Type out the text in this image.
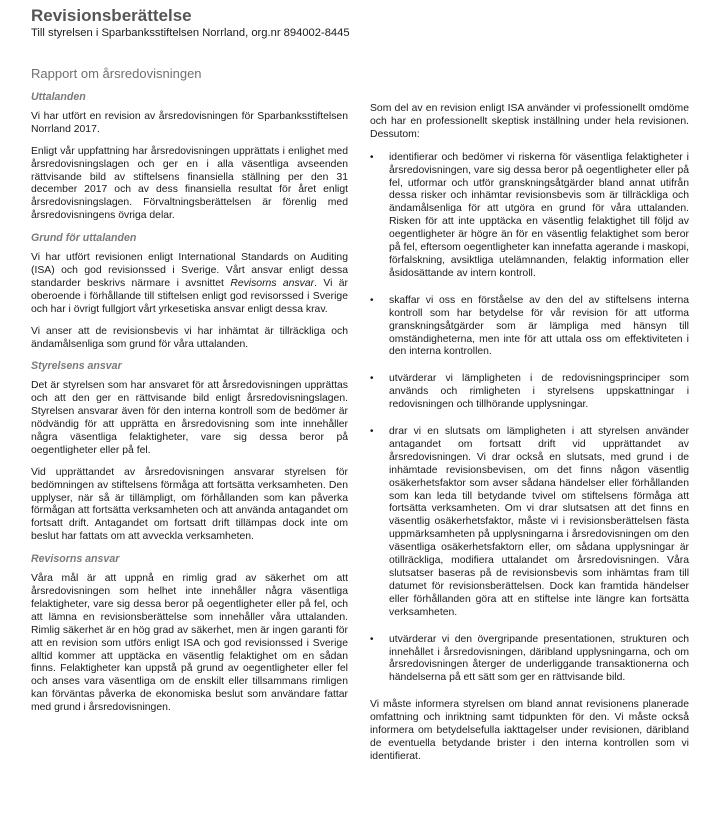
Revisionsberättelse
Till styrelsen i Sparbanksstiftelsen Norrland, org.nr 894002-8445
Rapport om årsredovisningen
Uttalanden

Vi har utfört en revision av årsredovisningen för Sparbanksstiftelsen Norrland 2017.

Enligt vår uppfattning har årsredovisningen upprättats i enlighet med årsredovisningslagen och ger en i alla väsentliga avseenden rättvisande bild av stiftelsens finansiella ställning per den 31 december 2017 och av dess finansiella resultat för året enligt årsredovisningslagen. Förvaltningsberättelsen är förenlig med årsredovisningens övriga delar.

Grund för uttalanden

Vi har utfört revisionen enligt International Standards on Auditing (ISA) och god revisionssed i Sverige. Vårt ansvar enligt dessa standarder beskrivs närmare i avsnittet Revisorns ansvar. Vi är oberoende i förhållande till stiftelsen enligt god revisorssed i Sverige och har i övrigt fullgjort vårt yrkesetiska ansvar enligt dessa krav.

Vi anser att de revisionsbevis vi har inhämtat är tillräckliga och ändamålsenliga som grund för våra uttalanden.

Styrelsens ansvar

Det är styrelsen som har ansvaret för att årsredovisningen upprättas och att den ger en rättvisande bild enligt årsredovisningslagen. Styrelsen ansvarar även för den interna kontroll som de bedömer är nödvändig för att upprätta en årsredovisning som inte innehåller några väsentliga felaktigheter, vare sig dessa beror på oegentligheter eller på fel.

Vid upprättandet av årsredovisningen ansvarar styrelsen för bedömningen av stiftelsens förmåga att fortsätta verksamheten. Den upplyser, när så är tillämpligt, om förhållanden som kan påverka förmågan att fortsätta verksamheten och att använda antagandet om fortsatt drift. Antagandet om fortsatt drift tillämpas dock inte om beslut har fattats om att avveckla verksamheten.

Revisorns ansvar

Våra mål är att uppnå en rimlig grad av säkerhet om att årsredovisningen som helhet inte innehåller några väsentliga felaktigheter, vare sig dessa beror på oegentligheter eller på fel, och att lämna en revisionsberättelse som innehåller våra uttalanden. Rimlig säkerhet är en hög grad av säkerhet, men är ingen garanti för att en revision som utförs enligt ISA och god revisionssed i Sverige alltid kommer att upptäcka en väsentlig felaktighet om en sådan finns. Felaktigheter kan uppstå på grund av oegentligheter eller fel och anses vara väsentliga om de enskilt eller tillsammans rimligen kan förväntas påverka de ekonomiska beslut som användare fattar med grund i årsredovisningen.

Som del av en revision enligt ISA använder vi professionellt omdöme och har en professionellt skeptisk inställning under hela revisionen. Dessutom:

• identifierar och bedömer vi riskerna för väsentliga felaktigheter i årsredovisningen, vare sig dessa beror på oegentligheter eller på fel, utformar och utför granskningsåtgärder bland annat utifrån dessa risker och inhämtar revisionsbevis som är tillräckliga och ändamålsenliga för att utgöra en grund för våra uttalanden. Risken för att inte upptäcka en väsentlig felaktighet till följd av oegentligheter är högre än för en väsentlig felaktighet som beror på fel, eftersom oegentligheter kan innefatta agerande i maskopi, förfalskning, avsiktliga utelämnanden, felaktig information eller åsidosättande av intern kontroll.
• skaffar vi oss en förståelse av den del av stiftelsens interna kontroll som har betydelse för vår revision för att utforma granskningsåtgärder som är lämpliga med hänsyn till omständigheterna, men inte för att uttala oss om effektiviteten i den interna kontrollen.
• utvärderar vi lämpligheten i de redovisningsprinciper som används och rimligheten i styrelsens uppskattningar i redovisningen och tillhörande upplysningar.
• drar vi en slutsats om lämpligheten i att styrelsen använder antagandet om fortsatt drift vid upprättandet av årsredovisningen. Vi drar också en slutsats, med grund i de inhämtade revisionsbevisen, om det finns någon väsentlig osäkerhetsfaktor som avser sådana händelser eller förhållanden som kan leda till betydande tvivel om stiftelsens förmåga att fortsätta verksamheten. Om vi drar slutsatsen att det finns en väsentlig osäkerhetsfaktor, måste vi i revisionsberättelsen fästa uppmärksamheten på upplysningarna i årsredovisningen om den väsentliga osäkerhetsfaktorn eller, om sådana upplysningar är otillräckliga, modifiera uttalandet om årsredovisningen. Våra slutsatser baseras på de revisionsbevis som inhämtas fram till datumet för revisionsberättelsen. Dock kan framtida händelser eller förhållanden göra att en stiftelse inte längre kan fortsätta verksamheten.
• utvärderar vi den övergripande presentationen, strukturen och innehållet i årsredovisningen, däribland upplysningarna, och om årsredovisningen återger de underliggande transaktionerna och händelserna på ett sätt som ger en rättvisande bild.

Vi måste informera styrelsen om bland annat revisionens planerade omfattning och inriktning samt tidpunkten för den. Vi måste också informera om betydelsefulla iakttagelser under revisionen, däribland de eventuella betydande brister i den interna kontrollen som vi identifierat.
